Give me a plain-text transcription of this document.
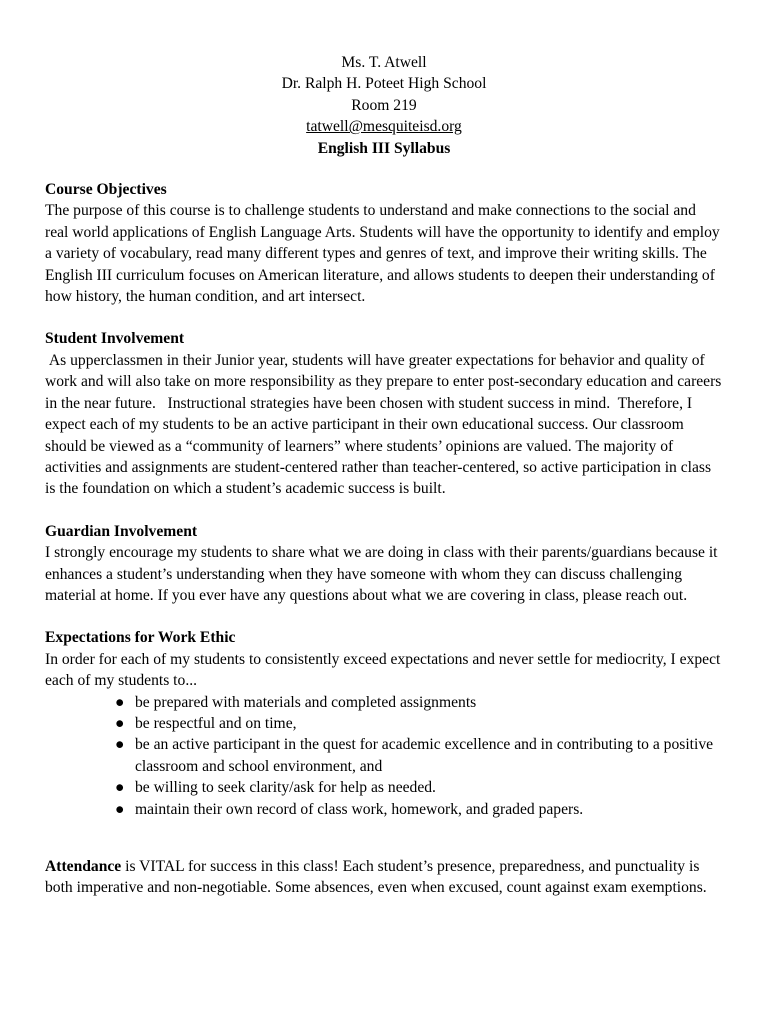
Ms. T. Atwell
Dr. Ralph H. Poteet High School
Room 219
tatwell@mesquiteisd.org
English III Syllabus
Course Objectives

The purpose of this course is to challenge students to understand and make connections to the social and real world applications of English Language Arts. Students will have the opportunity to identify and employ a variety of vocabulary, read many different types and genres of text, and improve their writing skills. The English III curriculum focuses on American literature, and allows students to deepen their understanding of how history, the human condition, and art intersect.

Student Involvement

As upperclassmen in their Junior year, students will have greater expectations for behavior and quality of work and will also take on more responsibility as they prepare to enter post-secondary education and careers in the near future.   Instructional strategies have been chosen with student success in mind.  Therefore, I expect each of my students to be an active participant in their own educational success. Our classroom should be viewed as a “community of learners” where students’ opinions are valued. The majority of activities and assignments are student-centered rather than teacher-centered, so active participation in class is the foundation on which a student’s academic success is built.

Guardian Involvement

I strongly encourage my students to share what we are doing in class with their parents/guardians because it enhances a student’s understanding when they have someone with whom they can discuss challenging material at home. If you ever have any questions about what we are covering in class, please reach out.

Expectations for Work Ethic

In order for each of my students to consistently exceed expectations and never settle for mediocrity, I expect each of my students to...

● be prepared with materials and completed assignments
● be respectful and on time,
● be an active participant in the quest for academic excellence and in contributing to a positive classroom and school environment, and
● be willing to seek clarity/ask for help as needed.
● maintain their own record of class work, homework, and graded papers.

Attendance is VITAL for success in this class! Each student’s presence, preparedness, and punctuality is both imperative and non-negotiable. Some absences, even when excused, count against exam exemptions.
